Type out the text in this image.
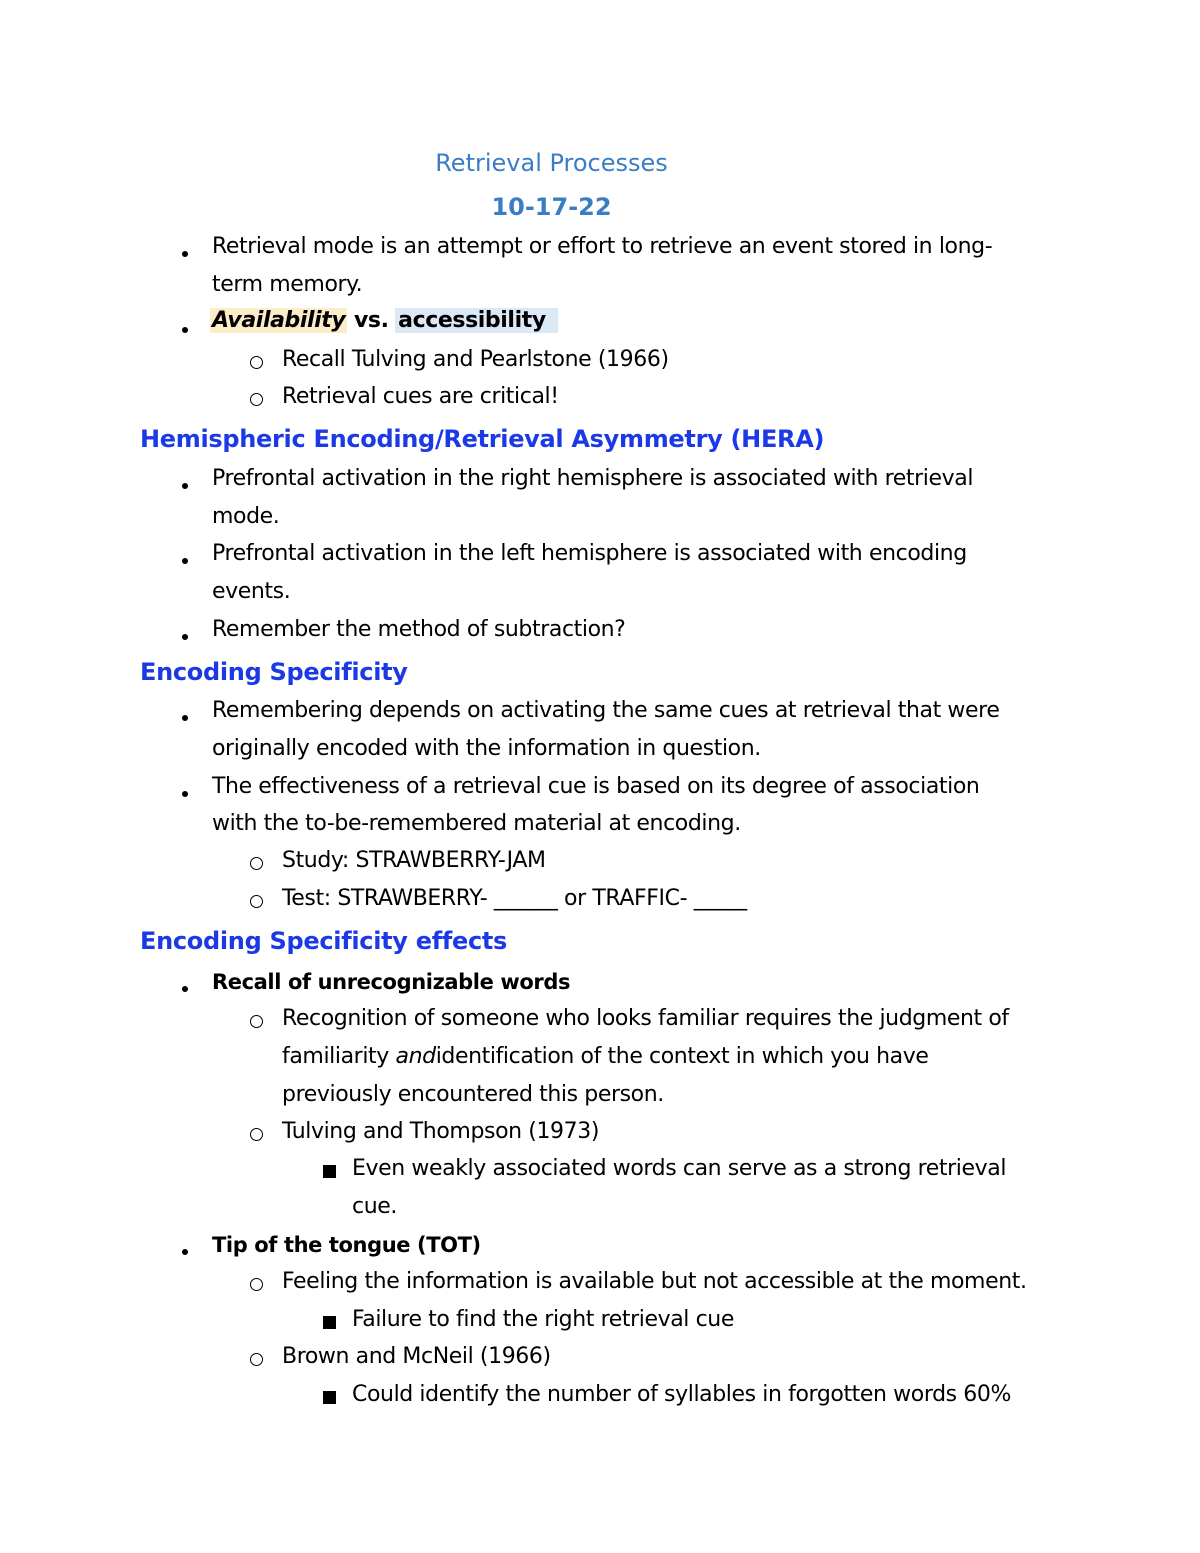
Retrieval Processes
10-17-22
Retrieval mode is an attempt or effort to retrieve an event stored in long-
term memory.
Availability vs. accessibility
Recall Tulving and Pearlstone (1966)
Retrieval cues are critical!
Hemispheric Encoding/Retrieval Asymmetry (HERA)
Prefrontal activation in the right hemisphere is associated with retrieval
mode.
Prefrontal activation in the left hemisphere is associated with encoding
events.
Remember the method of subtraction?
Encoding Specificity
Remembering depends on activating the same cues at retrieval that were
originally encoded with the information in question.
The effectiveness of a retrieval cue is based on its degree of association
with the to-be-remembered material at encoding.
Study: STRAWBERRY-JAM
Test: STRAWBERRY- ______ or TRAFFIC- _____
Encoding Specificity effects
Recall of unrecognizable words
Recognition of someone who looks familiar requires the judgment of
familiarity andidentification of the context in which you have
previously encountered this person.
Tulving and Thompson (1973)
Even weakly associated words can serve as a strong retrieval
cue.
Tip of the tongue (TOT)
Feeling the information is available but not accessible at the moment.
Failure to find the right retrieval cue
Brown and McNeil (1966)
Could identify the number of syllables in forgotten words 60%
